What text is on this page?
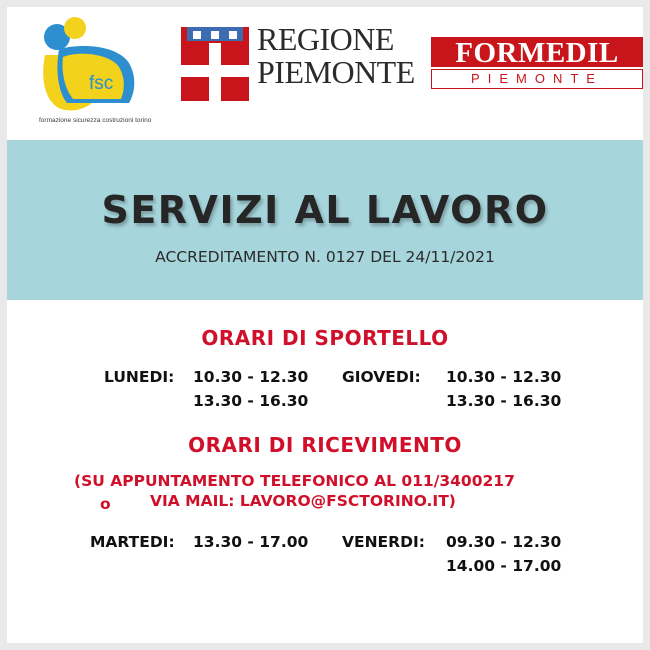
fsc
formazione sicurezza costruzioni torino
REGIONE
PIEMONTE
FORMEDIL
PIEMONTE
SERVIZI AL LAVORO
ACCREDITAMENTO N. 0127 DEL 24/11/2021
ORARI DI SPORTELLO
LUNEDI: 10.30 - 12.30
13.30 - 16.30
GIOVEDI: 10.30 - 12.30
13.30 - 16.30
ORARI DI RICEVIMENTO
(SU APPUNTAMENTO TELEFONICO AL 011/3400217
o	VIA MAIL: LAVORO@FSCTORINO.IT)
MARTEDI: 13.30 - 17.00 VENERDI: 09.30 - 12.30
14.00 - 17.00
